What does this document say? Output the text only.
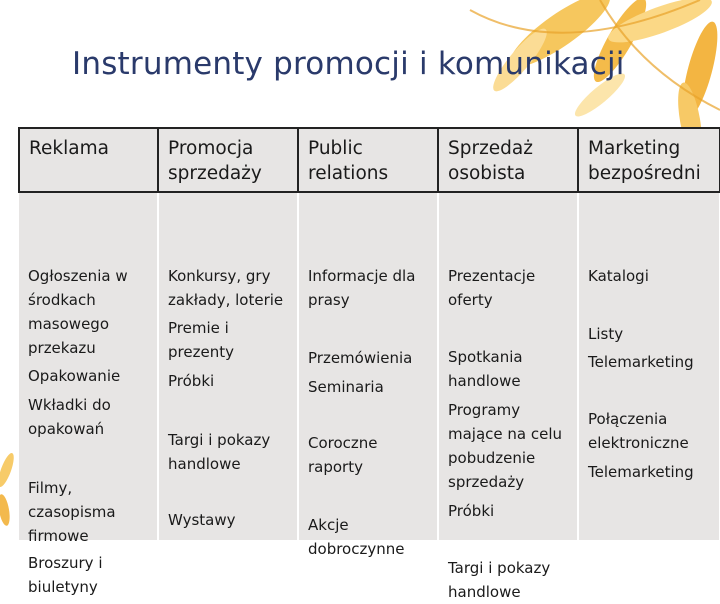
Instrumenty promocji i komunikacji
Reklama	Promocja sprzedaży
Public relations
Sprzedaż osobista
Marketing bezpośredni

Ogłoszenia w środkach masowego przekazu

Opakowanie

Wkładki do opakowań

Filmy, czasopisma firmowe

Broszury i biuletyny

Konkursy, gry zakłady, loterie

Premie i prezenty

Próbki

Targi i pokazy handlowe

Wystawy

Informacje dla prasy

Przemówienia

Seminaria

Coroczne raporty

Akcje dobroczynne

Prezentacje oferty

Spotkania handlowe

Programy mające na celu pobudzenie sprzedaży

Próbki

Targi i pokazy handlowe

Katalogi

Listy

Telemarketing

Połączenia elektroniczne

Telemarketing
